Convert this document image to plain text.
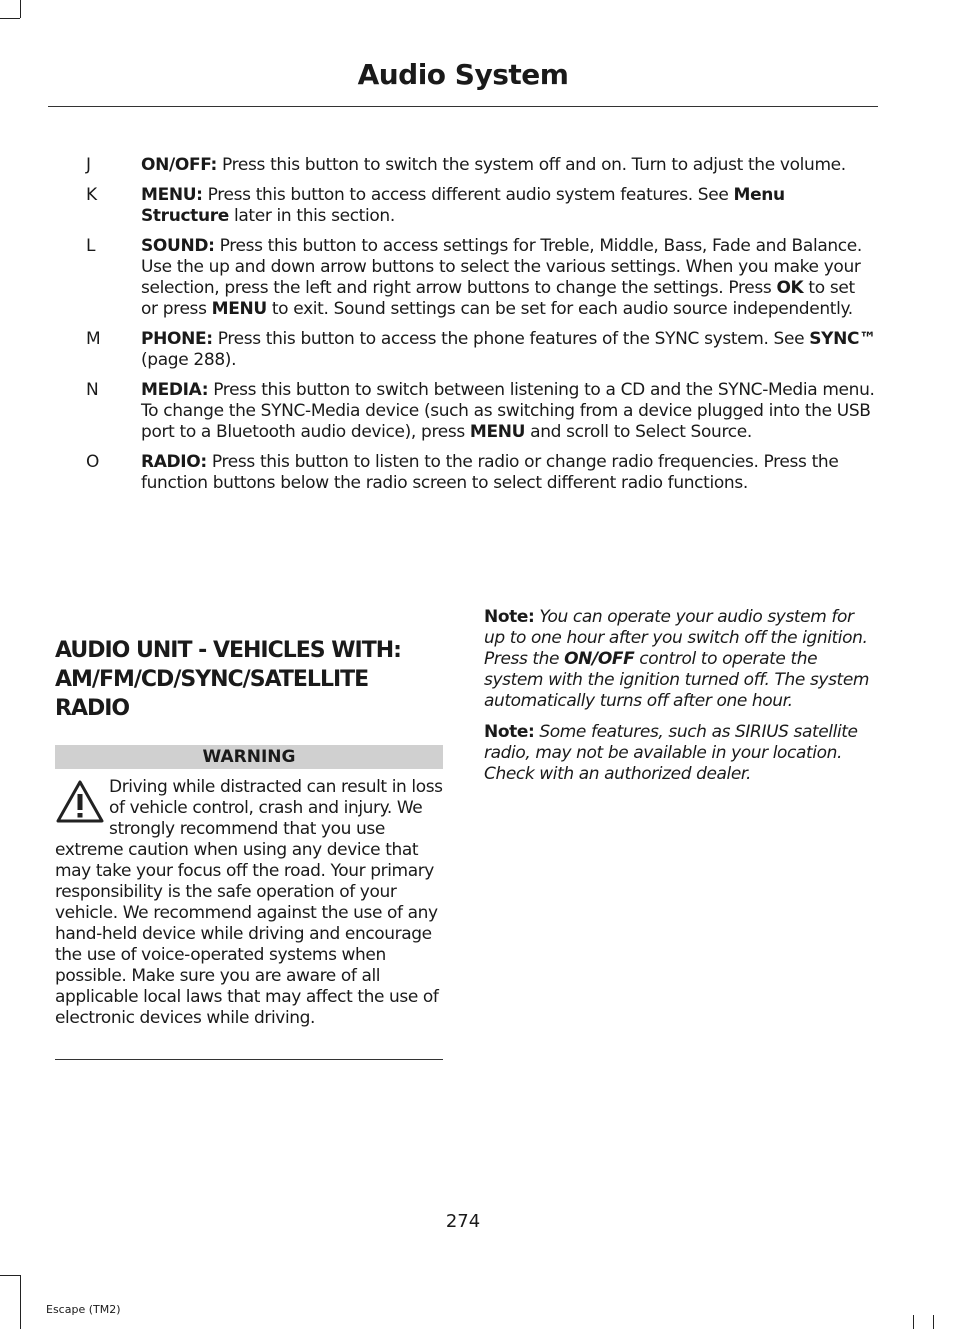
Audio System
J	ON/OFF: Press this button to switch the system off and on. Turn to adjust the volume.
K	MENU: Press this button to access different audio system features. See Menu Structure later in this section.
L	SOUND: Press this button to access settings for Treble, Middle, Bass, Fade and Balance. Use the up and down arrow buttons to select the various settings. When you make your selection, press the left and right arrow buttons to change the settings. Press OK to set or press MENU to exit. Sound settings can be set for each audio source independently.
M	PHONE: Press this button to access the phone features of the SYNC system. See SYNC™ (page 288).
N	MEDIA: Press this button to switch between listening to a CD and the SYNC-Media menu. To change the SYNC-Media device (such as switching from a device plugged into the USB port to a Bluetooth audio device), press MENU and scroll to Select Source.
O	RADIO: Press this button to listen to the radio or change radio frequencies. Press the function buttons below the radio screen to select different radio functions.
AUDIO UNIT - VEHICLES WITH: AM/FM/CD/SYNC/SATELLITE RADIO
WARNING
Driving while distracted can result in loss of vehicle control, crash and injury. We strongly recommend that you use extreme caution when using any device that may take your focus off the road. Your primary responsibility is the safe operation of your vehicle. We recommend against the use of any hand-held device while driving and encourage the use of voice-operated systems when possible. Make sure you are aware of all applicable local laws that may affect the use of electronic devices while driving.
Note: You can operate your audio system for up to one hour after you switch off the ignition. Press the ON/OFF control to operate the system with the ignition turned off. The system automatically turns off after one hour.
Note: Some features, such as SIRIUS satellite radio, may not be available in your location. Check with an authorized dealer.
274
Escape (TM2)
